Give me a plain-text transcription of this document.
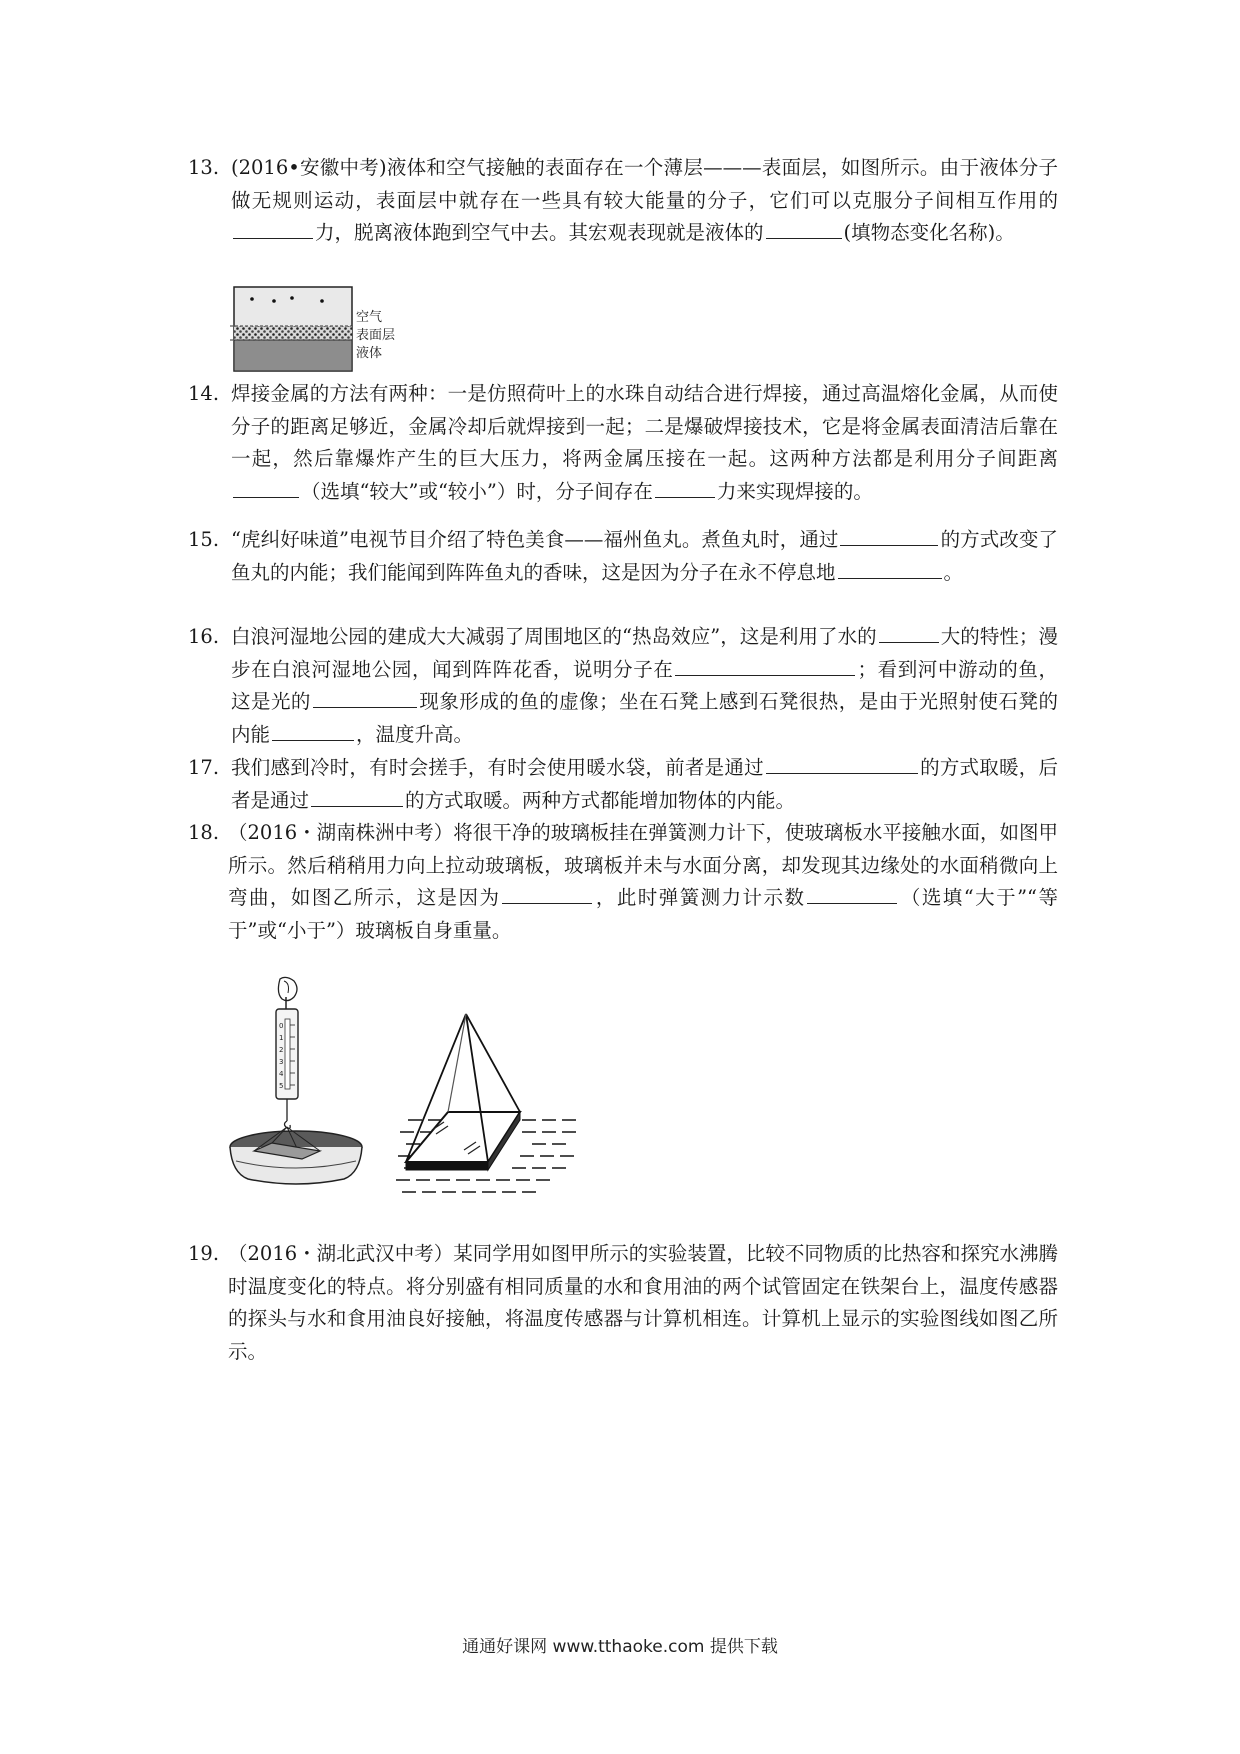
13. (2016•安徽中考)液体和空气接触的表面存在一个薄层———表面层，如图所示。由于液体分子做无规则运动，表面层中就存在一些具有较大能量的分子，它们可以克服分子间相互作用的力，脱离液体跑到空气中去。其宏观表现就是液体的	(填物态变化名称)。
空气
表面层
液体
14. 焊接金属的方法有两种：一是仿照荷叶上的水珠自动结合进行焊接，通过高温熔化金属，从而使分子的距离足够近，金属冷却后就焊接到一起；二是爆破焊接技术，它是将金属表面清洁后靠在一起，然后靠爆炸产生的巨大压力，将两金属压接在一起。这两种方法都是利用分子间距离（选填“较大”或“较小”）时，分子间存在	力来实现焊接的。
15. “虎纠好味道”电视节目介绍了特色美食——福州鱼丸。煮鱼丸时，通过	的方式改变了鱼丸的内能；我们能闻到阵阵鱼丸的香味，这是因为分子在永不停息地	。
16. 白浪河湿地公园的建成大大减弱了周围地区的“热岛效应”，这是利用了水的	大的特性；漫步在白浪河湿地公园，闻到阵阵花香，说明分子在	；看到河中游动的鱼，这是光的	现象形成的鱼的虚像；坐在石凳上感到石凳很热，是由于光照射使石凳的内能	，温度升高。
17. 我们感到冷时，有时会搓手，有时会使用暖水袋，前者是通过	的方式取暖，后者是通过	的方式取暖。两种方式都能增加物体的内能。
18. （2016・湖南株洲中考）将很干净的玻璃板挂在弹簧测力计下，使玻璃板水平接触水面，如图甲所示。然后稍稍用力向上拉动玻璃板，玻璃板并未与水面分离，却发现其边缘处的水面稍微向上弯曲，如图乙所示，这是因为	，此时弹簧测力计示数	（选填“大于”“等于”或“小于”）玻璃板自身重量。
0
1
2
3
4
5
19. （2016・湖北武汉中考）某同学用如图甲所示的实验装置，比较不同物质的比热容和探究水沸腾时温度变化的特点。将分别盛有相同质量的水和食用油的两个试管固定在铁架台上，温度传感器的探头与水和食用油良好接触，将温度传感器与计算机相连。计算机上显示的实验图线如图乙所示。
通通好课网 www.tthaoke.com 提供下载
